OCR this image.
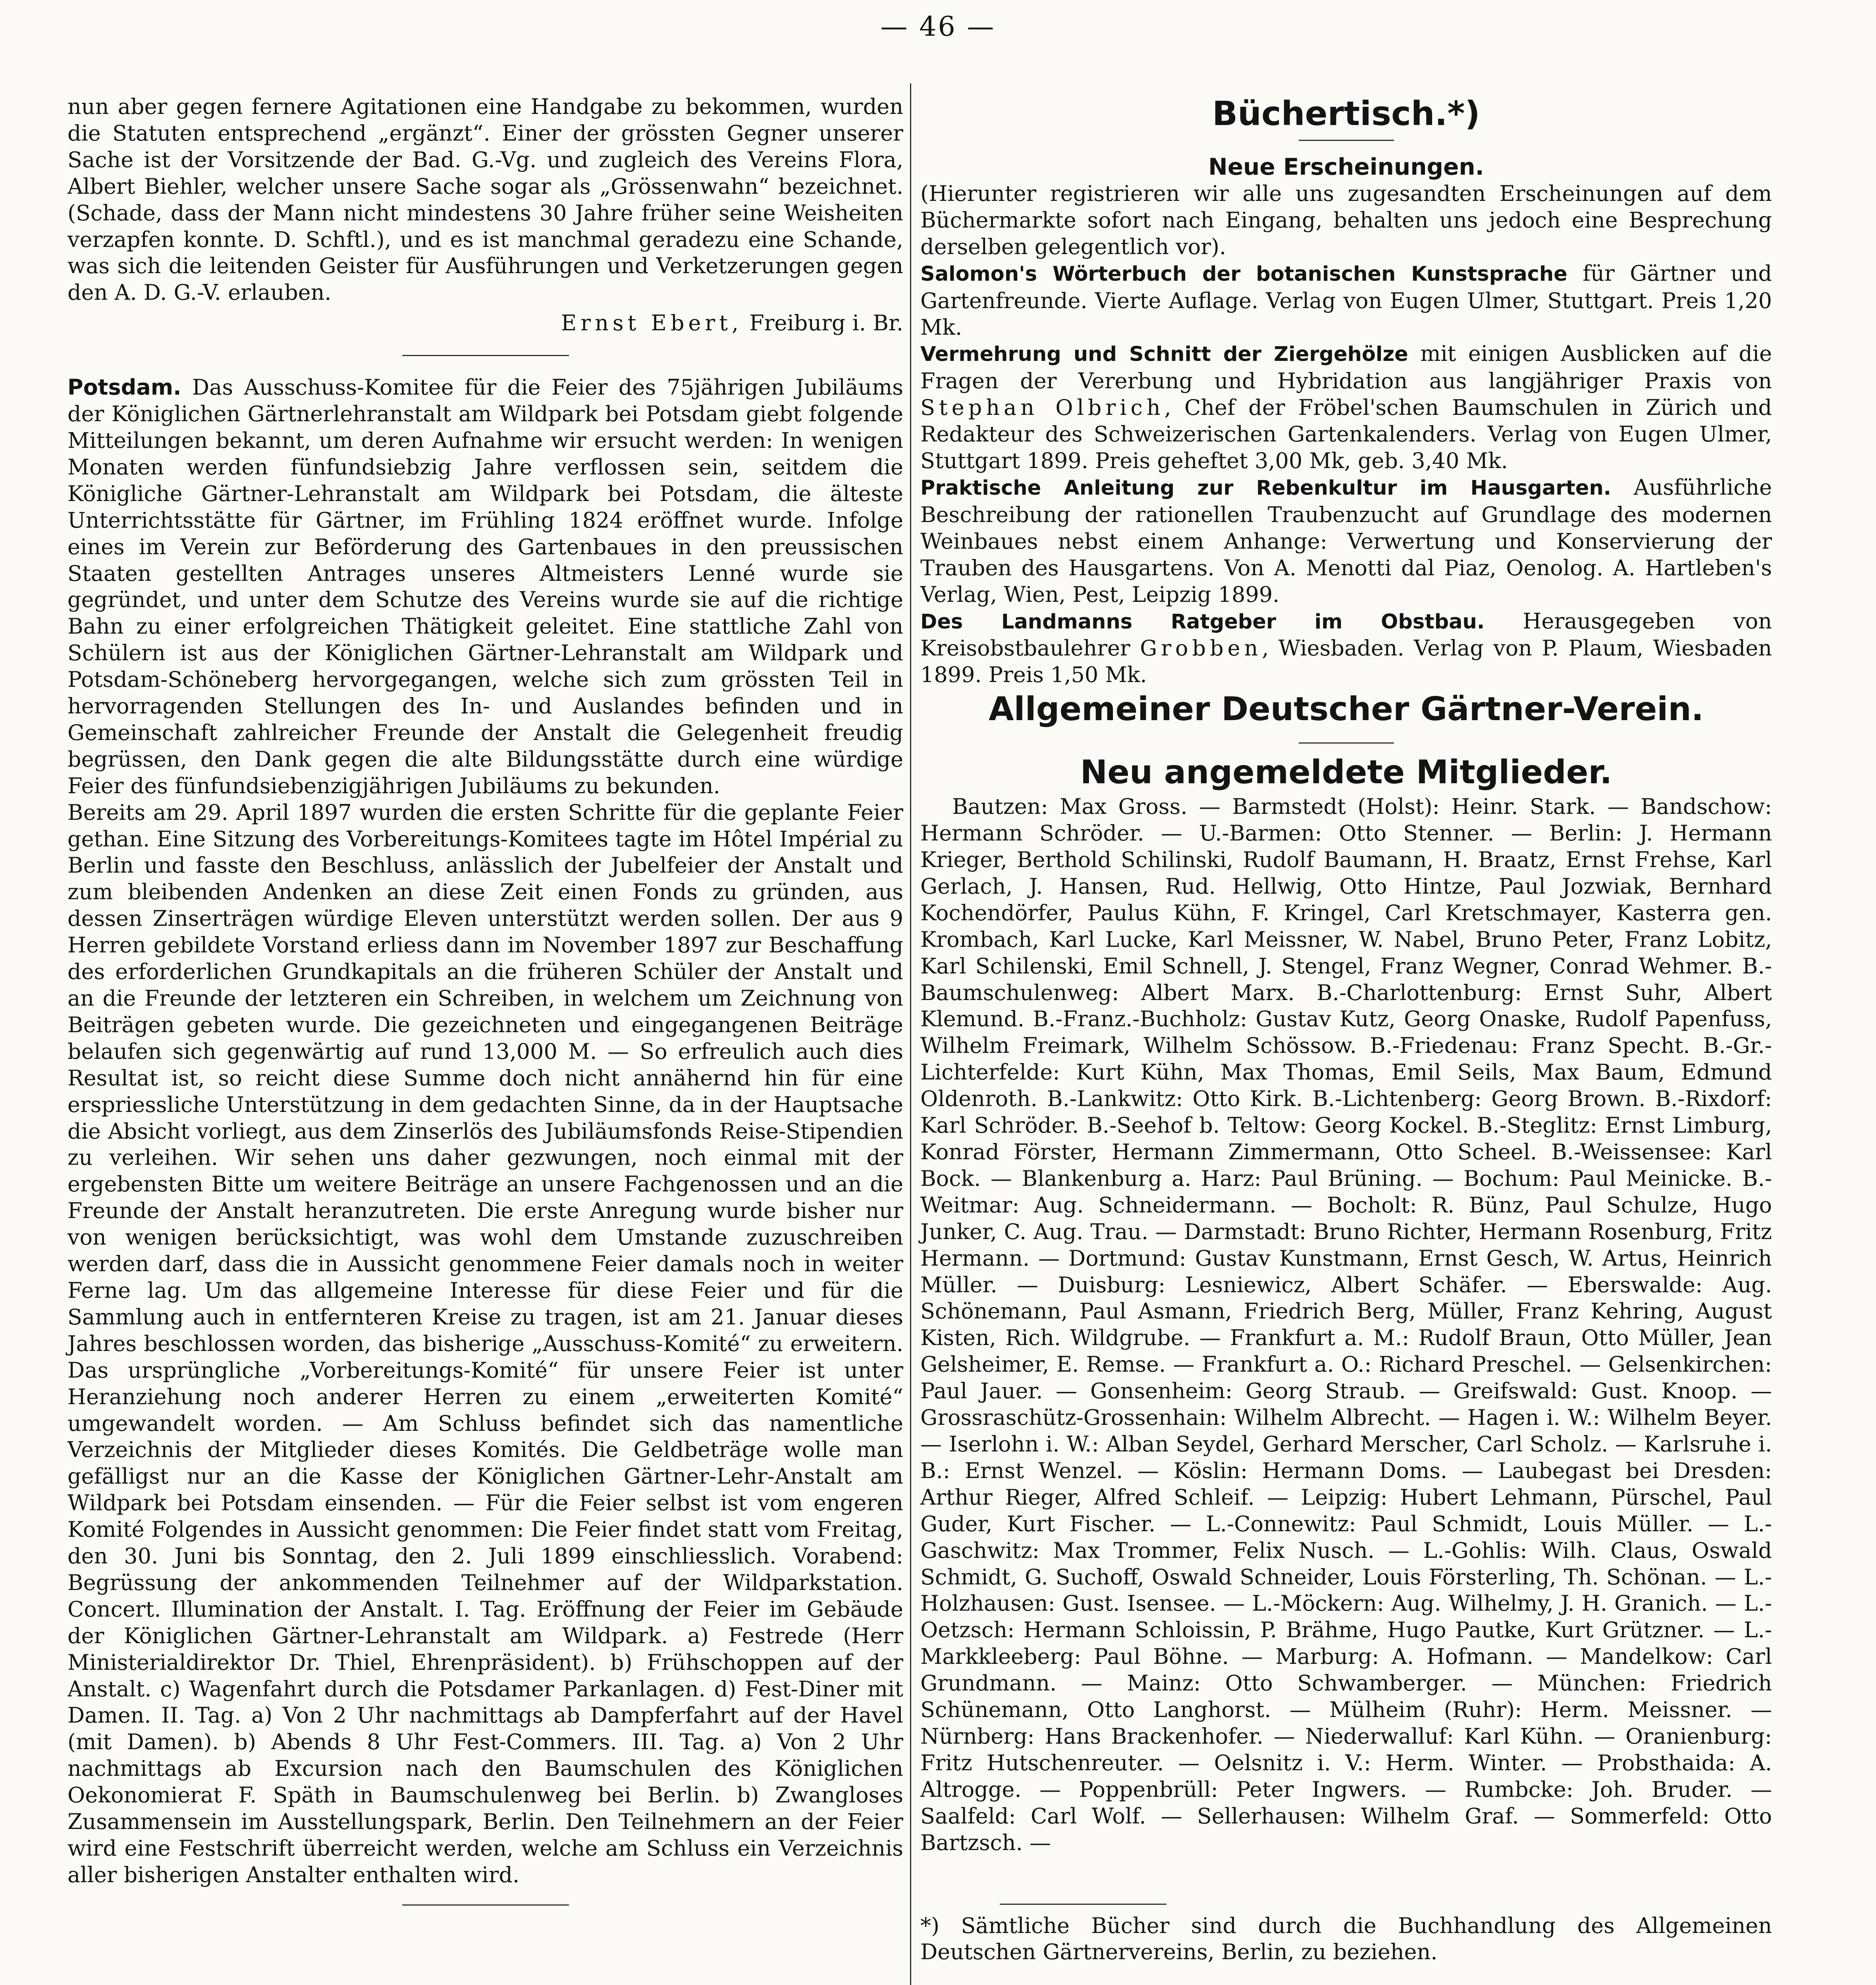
— 46 —

nun aber gegen fernere Agitationen eine Handgabe zu bekommen, wurden die Statuten entsprechend „ergänzt“. Einer der grössten Gegner unserer Sache ist der Vorsitzende der Bad. G.-Vg. und zugleich des Vereins Flora, Albert Biehler, welcher unsere Sache sogar als „Grössenwahn“ bezeichnet. (Schade, dass der Mann nicht mindestens 30 Jahre früher seine Weisheiten verzapfen konnte. D. Schftl.), und es ist manchmal geradezu eine Schande, was sich die leitenden Geister für Ausführungen und Verketzerungen gegen den A. D. G.-V. erlauben.

Ernst Ebert, Freiburg i. Br.

Potsdam. Das Ausschuss-Komitee für die Feier des 75jährigen Jubiläums der Königlichen Gärtnerlehranstalt am Wildpark bei Potsdam giebt folgende Mitteilungen bekannt, um deren Aufnahme wir ersucht werden: In wenigen Monaten werden fünfundsiebzig Jahre verflossen sein, seitdem die Königliche Gärtner-Lehranstalt am Wildpark bei Potsdam, die älteste Unterrichtsstätte für Gärtner, im Frühling 1824 eröffnet wurde. Infolge eines im Verein zur Beförderung des Gartenbaues in den preussischen Staaten gestellten Antrages unseres Altmeisters Lenné wurde sie gegründet, und unter dem Schutze des Vereins wurde sie auf die richtige Bahn zu einer erfolgreichen Thätigkeit geleitet. Eine stattliche Zahl von Schülern ist aus der Königlichen Gärtner-Lehranstalt am Wildpark und Potsdam-Schöneberg hervorgegangen, welche sich zum grössten Teil in hervorragenden Stellungen des In- und Auslandes befinden und in Gemeinschaft zahlreicher Freunde der Anstalt die Gelegenheit freudig begrüssen, den Dank gegen die alte Bildungsstätte durch eine würdige Feier des fünfundsiebenzigjährigen Jubiläums zu bekunden.

Bereits am 29. April 1897 wurden die ersten Schritte für die geplante Feier gethan. Eine Sitzung des Vorbereitungs-Komitees tagte im Hôtel Impérial zu Berlin und fasste den Beschluss, anlässlich der Jubelfeier der Anstalt und zum bleibenden Andenken an diese Zeit einen Fonds zu gründen, aus dessen Zinserträgen würdige Eleven unterstützt werden sollen. Der aus 9 Herren gebildete Vorstand erliess dann im November 1897 zur Beschaffung des erforderlichen Grundkapitals an die früheren Schüler der Anstalt und an die Freunde der letzteren ein Schreiben, in welchem um Zeichnung von Beiträgen gebeten wurde. Die gezeichneten und eingegangenen Beiträge belaufen sich gegenwärtig auf rund 13,000 M. — So erfreulich auch dies Resultat ist, so reicht diese Summe doch nicht annähernd hin für eine erspriessliche Unterstützung in dem gedachten Sinne, da in der Hauptsache die Absicht vorliegt, aus dem Zinserlös des Jubiläumsfonds Reise-Stipendien zu verleihen. Wir sehen uns daher gezwungen, noch einmal mit der ergebensten Bitte um weitere Beiträge an unsere Fachgenossen und an die Freunde der Anstalt heranzutreten. Die erste Anregung wurde bisher nur von wenigen berücksichtigt, was wohl dem Umstande zuzuschreiben werden darf, dass die in Aussicht genommene Feier damals noch in weiter Ferne lag. Um das allgemeine Interesse für diese Feier und für die Sammlung auch in entfernteren Kreise zu tragen, ist am 21. Januar dieses Jahres beschlossen worden, das bisherige „Ausschuss-Komité“ zu erweitern. Das ursprüngliche „Vorbereitungs-Komité“ für unsere Feier ist unter Heranziehung noch anderer Herren zu einem „erweiterten Komité“ umgewandelt worden. — Am Schluss befindet sich das namentliche Verzeichnis der Mitglieder dieses Komités. Die Geldbeträge wolle man gefälligst nur an die Kasse der Königlichen Gärtner-Lehr-Anstalt am Wildpark bei Potsdam einsenden. — Für die Feier selbst ist vom engeren Komité Folgendes in Aussicht genommen: Die Feier findet statt vom Freitag, den 30. Juni bis Sonntag, den 2. Juli 1899 einschliesslich. Vorabend: Begrüssung der ankommenden Teilnehmer auf der Wildparkstation. Concert. Illumination der Anstalt. I. Tag. Eröffnung der Feier im Gebäude der Königlichen Gärtner-Lehranstalt am Wildpark. a) Festrede (Herr Ministerialdirektor Dr. Thiel, Ehrenpräsident). b) Frühschoppen auf der Anstalt. c) Wagenfahrt durch die Potsdamer Parkanlagen. d) Fest-Diner mit Damen. II. Tag. a) Von 2 Uhr nachmittags ab Dampferfahrt auf der Havel (mit Damen). b) Abends 8 Uhr Fest-Commers. III. Tag. a) Von 2 Uhr nachmittags ab Excursion nach den Baumschulen des Königlichen Oekonomierat F. Späth in Baumschulenweg bei Berlin. b) Zwangloses Zusammensein im Ausstellungspark, Berlin. Den Teilnehmern an der Feier wird eine Festschrift überreicht werden, welche am Schluss ein Verzeichnis aller bisherigen Anstalter enthalten wird.

Büchertisch.*)

Neue Erscheinungen.

(Hierunter registrieren wir alle uns zugesandten Erscheinungen auf dem Büchermarkte sofort nach Eingang, behalten uns jedoch eine Besprechung derselben gelegentlich vor).

Salomon's Wörterbuch der botanischen Kunstsprache für Gärtner und Gartenfreunde. Vierte Auflage. Verlag von Eugen Ulmer, Stuttgart. Preis 1,20 Mk.

Vermehrung und Schnitt der Ziergehölze mit einigen Ausblicken auf die Fragen der Vererbung und Hybridation aus langjähriger Praxis von Stephan Olbrich, Chef der Fröbel'schen Baumschulen in Zürich und Redakteur des Schweizerischen Gartenkalenders. Verlag von Eugen Ulmer, Stuttgart 1899. Preis geheftet 3,00 Mk, geb. 3,40 Mk.

Praktische Anleitung zur Rebenkultur im Hausgarten. Ausführliche Beschreibung der rationellen Traubenzucht auf Grundlage des modernen Weinbaues nebst einem Anhange: Verwertung und Konservierung der Trauben des Hausgartens. Von A. Menotti dal Piaz, Oenolog. A. Hartleben's Verlag, Wien, Pest, Leipzig 1899.

Des Landmanns Ratgeber im Obstbau. Herausgegeben von Kreisobstbaulehrer Grobben, Wiesbaden. Verlag von P. Plaum, Wiesbaden 1899. Preis 1,50 Mk.

Allgemeiner Deutscher Gärtner-Verein.

Neu angemeldete Mitglieder.

Bautzen: Max Gross. — Barmstedt (Holst): Heinr. Stark. — Bandschow: Hermann Schröder. — U.-Barmen: Otto Stenner. — Berlin: J. Hermann Krieger, Berthold Schilinski, Rudolf Baumann, H. Braatz, Ernst Frehse, Karl Gerlach, J. Hansen, Rud. Hellwig, Otto Hintze, Paul Jozwiak, Bernhard Kochendörfer, Paulus Kühn, F. Kringel, Carl Kretschmayer, Kasterra gen. Krombach, Karl Lucke, Karl Meissner, W. Nabel, Bruno Peter, Franz Lobitz, Karl Schilenski, Emil Schnell, J. Stengel, Franz Wegner, Conrad Wehmer. B.-Baumschulenweg: Albert Marx. B.-Charlottenburg: Ernst Suhr, Albert Klemund. B.-Franz.-Buchholz: Gustav Kutz, Georg Onaske, Rudolf Papenfuss, Wilhelm Freimark, Wilhelm Schössow. B.-Friedenau: Franz Specht. B.-Gr.-Lichterfelde: Kurt Kühn, Max Thomas, Emil Seils, Max Baum, Edmund Oldenroth. B.-Lankwitz: Otto Kirk. B.-Lichtenberg: Georg Brown. B.-Rixdorf: Karl Schröder. B.-Seehof b. Teltow: Georg Kockel. B.-Steglitz: Ernst Limburg, Konrad Förster, Hermann Zimmermann, Otto Scheel. B.-Weissensee: Karl Bock. — Blankenburg a. Harz: Paul Brüning. — Bochum: Paul Meinicke. B.-Weitmar: Aug. Schneidermann. — Bocholt: R. Bünz, Paul Schulze, Hugo Junker, C. Aug. Trau. — Darmstadt: Bruno Richter, Hermann Rosenburg, Fritz Hermann. — Dortmund: Gustav Kunstmann, Ernst Gesch, W. Artus, Heinrich Müller. — Duisburg: Lesniewicz, Albert Schäfer. — Eberswalde: Aug. Schönemann, Paul Asmann, Friedrich Berg, Müller, Franz Kehring, August Kisten, Rich. Wildgrube. — Frankfurt a. M.: Rudolf Braun, Otto Müller, Jean Gelsheimer, E. Remse. — Frankfurt a. O.: Richard Preschel. — Gelsenkirchen: Paul Jauer. — Gonsenheim: Georg Straub. — Greifswald: Gust. Knoop. — Grossraschütz-Grossenhain: Wilhelm Albrecht. — Hagen i. W.: Wilhelm Beyer. — Iserlohn i. W.: Alban Seydel, Gerhard Merscher, Carl Scholz. — Karlsruhe i. B.: Ernst Wenzel. — Köslin: Hermann Doms. — Laubegast bei Dresden: Arthur Rieger, Alfred Schleif. — Leipzig: Hubert Lehmann, Pürschel, Paul Guder, Kurt Fischer. — L.-Connewitz: Paul Schmidt, Louis Müller. — L.-Gaschwitz: Max Trommer, Felix Nusch. — L.-Gohlis: Wilh. Claus, Oswald Schmidt, G. Suchoff, Oswald Schneider, Louis Försterling, Th. Schönan. — L.-Holzhausen: Gust. Isensee. — L.-Möckern: Aug. Wilhelmy, J. H. Granich. — L.-Oetzsch: Hermann Schloissin, P. Brähme, Hugo Pautke, Kurt Grützner. — L.-Markkleeberg: Paul Böhne. — Marburg: A. Hofmann. — Mandelkow: Carl Grundmann. — Mainz: Otto Schwamberger. — München: Friedrich Schünemann, Otto Langhorst. — Mülheim (Ruhr): Herm. Meissner. — Nürnberg: Hans Brackenhofer. — Niederwalluf: Karl Kühn. — Oranienburg: Fritz Hutschenreuter. — Oelsnitz i. V.: Herm. Winter. — Probsthaida: A. Altrogge. — Poppenbrüll: Peter Ingwers. — Rumbcke: Joh. Bruder. — Saalfeld: Carl Wolf. — Sellerhausen: Wilhelm Graf. — Sommerfeld: Otto Bartzsch. —

*) Sämtliche Bücher sind durch die Buchhandlung des Allgemeinen Deutschen Gärtnervereins, Berlin, zu beziehen.
